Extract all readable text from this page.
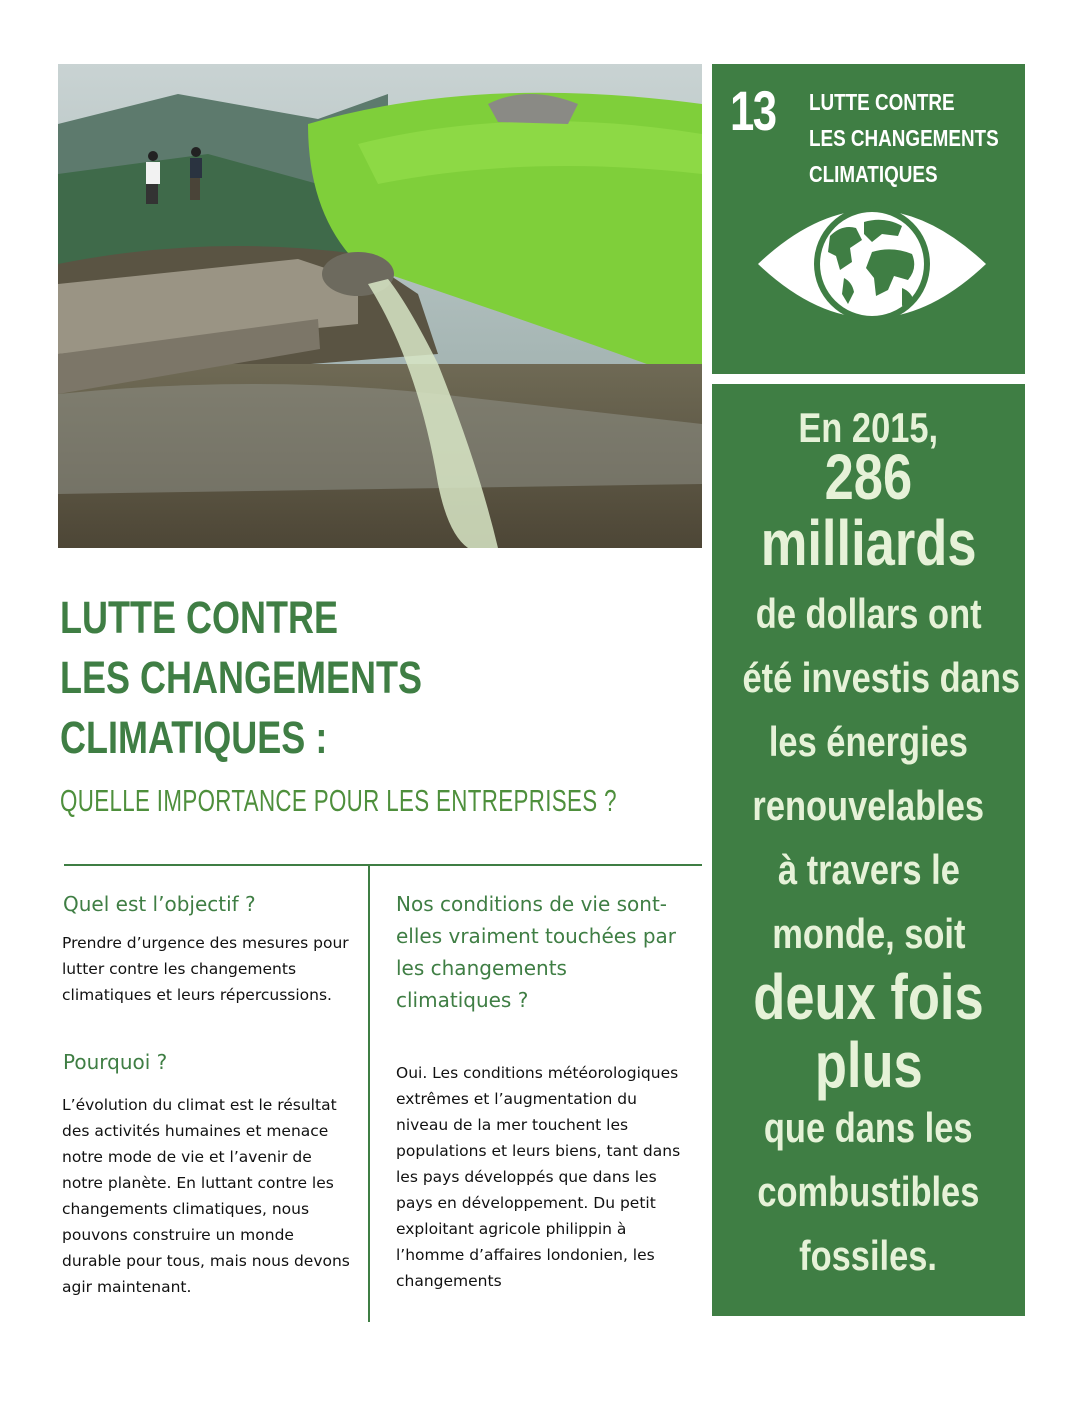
13 LUTTE CONTRE
LES CHANGEMENTS
CLIMATIQUES
En 2015,
286
milliards
de dollars ont
été investis dans
les énergies
renouvelables
à travers le
monde, soit
deux fois
plus
que dans les
combustibles
fossiles.
LUTTE CONTRE
LES CHANGEMENTS
CLIMATIQUES :
QUELLE IMPORTANCE POUR LES ENTREPRISES ?
Quel est l’objectif ?
Prendre d’urgence des mesures pour lutter contre les changements climatiques et leurs répercussions.
Pourquoi ?
L’évolution du climat est le résultat des activités humaines et menace notre mode de vie et l’avenir de notre planète. En luttant contre les changements climatiques, nous pouvons construire un monde durable pour tous, mais nous devons agir maintenant.
Nos conditions de vie sont-elles vraiment touchées par les changements climatiques ?
Oui. Les conditions météorologiques extrêmes et l’augmentation du niveau de la mer touchent les populations et leurs biens, tant dans les pays développés que dans les pays en développement. Du petit exploitant agricole philippin à l’homme d’affaires londonien, les changements
